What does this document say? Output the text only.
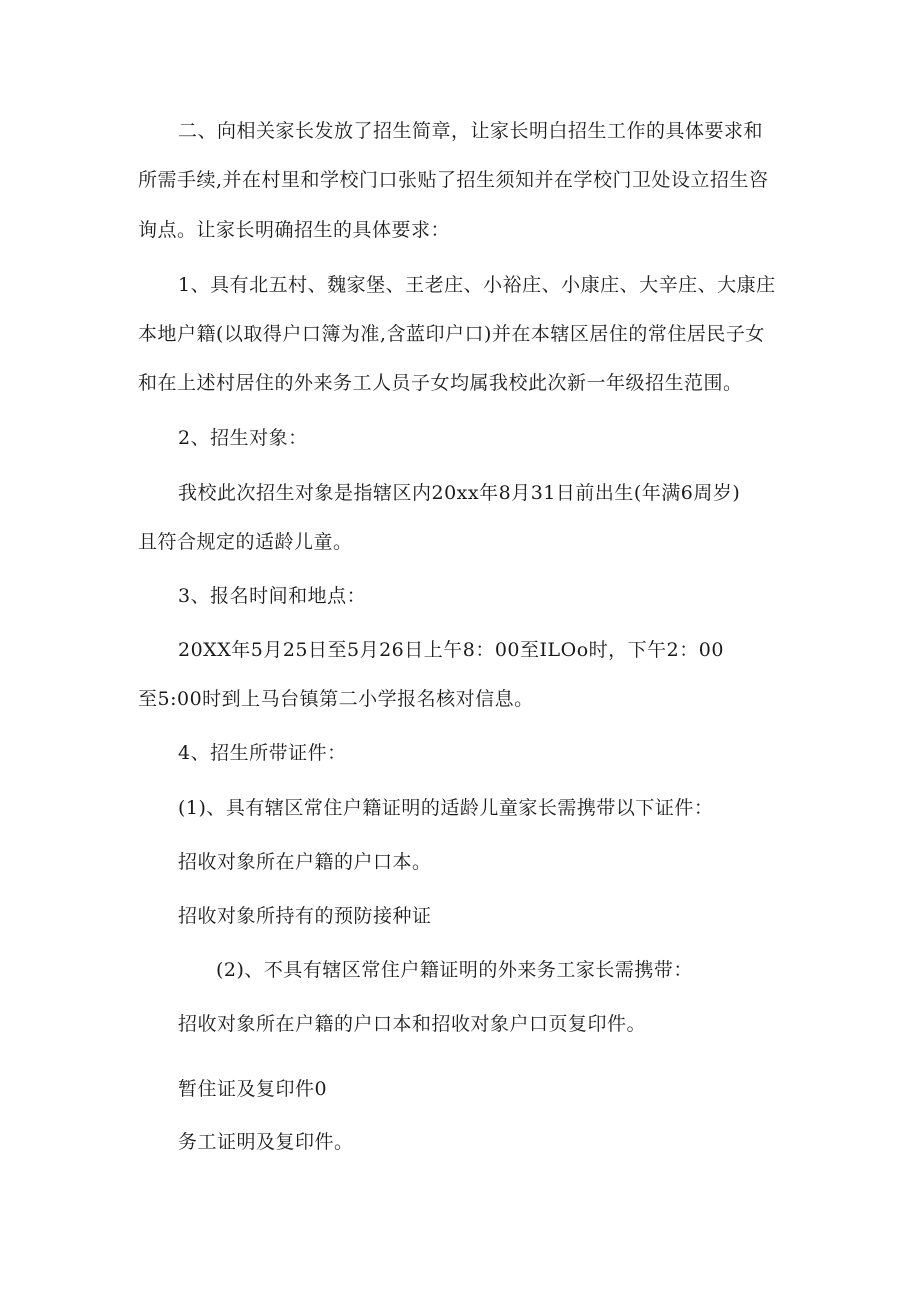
二、向相关家长发放了招生简章，让家长明白招生工作的具体要求和

所需手续,并在村里和学校门口张贴了招生须知并在学校门卫处设立招生咨

询点。让家长明确招生的具体要求：

1、具有北五村、魏家堡、王老庄、小裕庄、小康庄、大辛庄、大康庄

本地户籍(以取得户口簿为准,含蓝印户口)并在本辖区居住的常住居民子女

和在上述村居住的外来务工人员子女均属我校此次新一年级招生范围。

2、招生对象：

我校此次招生对象是指辖区内20xx年8月31日前出生(年满6周岁)

且符合规定的适龄儿童。

3、报名时间和地点：

20XX年5月25日至5月26日上午8：00至ILOo时，下午2：00

至5:00时到上马台镇第二小学报名核对信息。

4、招生所带证件：

(1)、具有辖区常住户籍证明的适龄儿童家长需携带以下证件：

招收对象所在户籍的户口本。

招收对象所持有的预防接种证

(2)、不具有辖区常住户籍证明的外来务工家长需携带：

招收对象所在户籍的户口本和招收对象户口页复印件。

暂住证及复印件0

务工证明及复印件。
